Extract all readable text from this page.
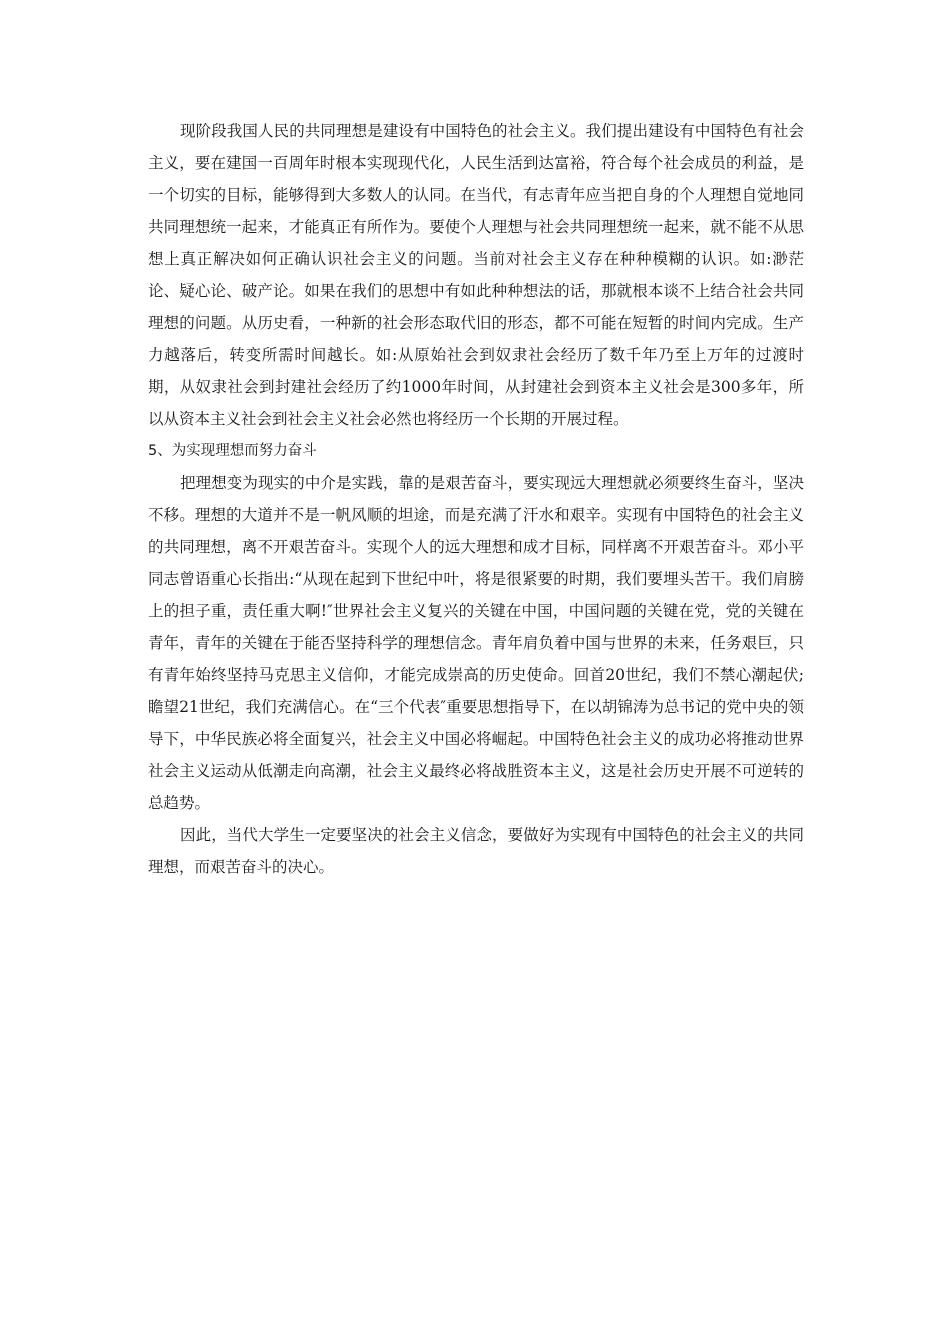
现阶段我国人民的共同理想是建设有中国特色的社会主义。我们提出建设有中国特色有社会主义，要在建国一百周年时根本实现现代化，人民生活到达富裕，符合每个社会成员的利益，是一个切实的目标，能够得到大多数人的认同。在当代，有志青年应当把自身的个人理想自觉地同共同理想统一起来，才能真正有所作为。要使个人理想与社会共同理想统一起来，就不能不从思想上真正解决如何正确认识社会主义的问题。当前对社会主义存在种种模糊的认识。如:渺茫论、疑心论、破产论。如果在我们的思想中有如此种种想法的话，那就根本谈不上结合社会共同理想的问题。从历史看，一种新的社会形态取代旧的形态，都不可能在短暂的时间内完成。生产力越落后，转变所需时间越长。如:从原始社会到奴隶社会经历了数千年乃至上万年的过渡时期，从奴隶社会到封建社会经历了约1000年时间，从封建社会到资本主义社会是300多年，所以从资本主义社会到社会主义社会必然也将经历一个长期的开展过程。

5、为实现理想而努力奋斗

把理想变为现实的中介是实践，靠的是艰苦奋斗，要实现远大理想就必须要终生奋斗，坚决不移。理想的大道并不是一帆风顺的坦途，而是充满了汗水和艰辛。实现有中国特色的社会主义的共同理想，离不开艰苦奋斗。实现个人的远大理想和成才目标，同样离不开艰苦奋斗。邓小平同志曾语重心长指出:“从现在起到下世纪中叶，将是很紧要的时期，我们要埋头苦干。我们肩膀上的担子重，责任重大啊!″世界社会主义复兴的关键在中国，中国问题的关键在党，党的关键在青年，青年的关键在于能否坚持科学的理想信念。青年肩负着中国与世界的未来，任务艰巨，只有青年始终坚持马克思主义信仰，才能完成崇高的历史使命。回首20世纪，我们不禁心潮起伏;瞻望21世纪，我们充满信心。在“三个代表″重要思想指导下，在以胡锦涛为总书记的党中央的领导下，中华民族必将全面复兴，社会主义中国必将崛起。中国特色社会主义的成功必将推动世界社会主义运动从低潮走向高潮，社会主义最终必将战胜资本主义，这是社会历史开展不可逆转的总趋势。

因此，当代大学生一定要坚决的社会主义信念，要做好为实现有中国特色的社会主义的共同理想，而艰苦奋斗的决心。
